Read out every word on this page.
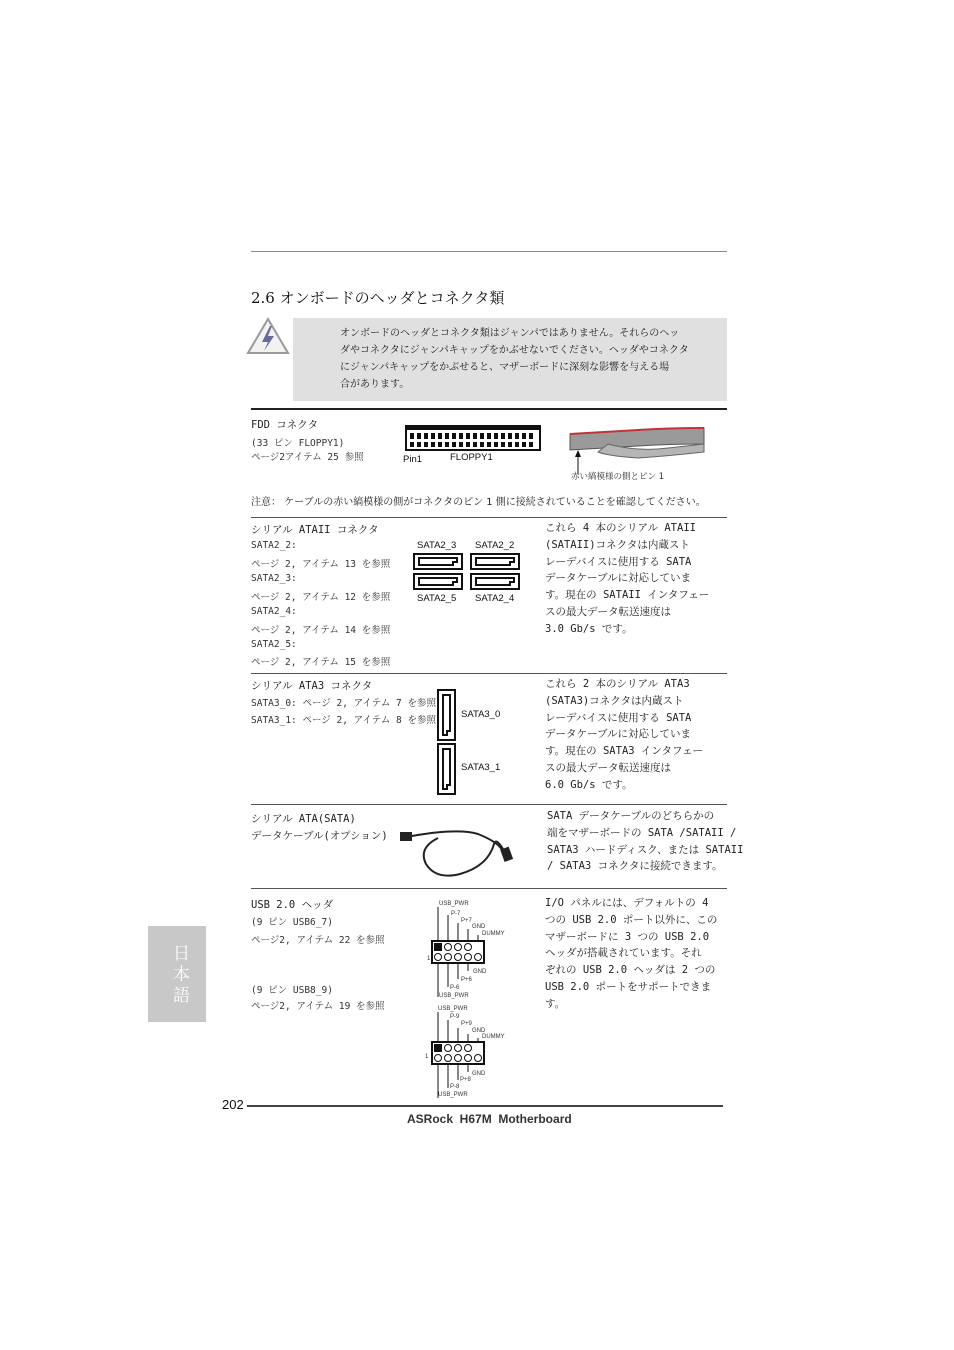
2.6 オンボードのヘッダとコネクタ類
オンボードのヘッダとコネクタ類はジャンパではありません。それらのヘッ
ダやコネクタにジャンパキャップをかぶせないでください。ヘッダやコネクタ
にジャンパキャップをかぶせると、マザーボードに深刻な影響を与える場
合があります。
FDD コネクタ
(33 ピン FLOPPY1)
ページ2アイテム 25 参照	Pin1	FLOPPY1
赤い縞模様の側とピン 1
注意： ケーブルの赤い縞模様の側がコネクタのピン 1 側に接続されていることを確認してください。
シリアル ATAII コネクタ
SATA2_2:
ページ 2, アイテム 13 を参照
SATA2_3:
ページ 2, アイテム 12 を参照
SATA2_4:
ページ 2, アイテム 14 を参照
SATA2_5:
ページ 2, アイテム 15 を参照
SATA2_3 SATA2_2
SATA2_5 SATA2_4
これら 4 本のシリアル ATAII
(SATAII)コネクタは内蔵スト
レーデバイスに使用する SATA
データケーブルに対応していま
す。現在の SATAII インタフェー
スの最大データ転送速度は
3.0 Gb/s です。
シリアル ATA3 コネクタ
SATA3_0: ページ 2, アイテム 7 を参照
SATA3_1: ページ 2, アイテム 8 を参照
SATA3_0
SATA3_1
これら 2 本のシリアル ATA3
(SATA3)コネクタは内蔵スト
レーデバイスに使用する SATA
データケーブルに対応していま
す。現在の SATA3 インタフェー
スの最大データ転送速度は
6.0 Gb/s です。
シリアル ATA(SATA)
データケーブル(オプション)
SATA データケーブルのどちらかの
端をマザーボードの SATA /SATAII /
SATA3 ハードディスク、または SATAII
/ SATA3 コネクタに接続できます。
USB 2.0 ヘッダ
(9 ピン USB6_7)
ページ2, アイテム 22 を参照
(9 ピン USB8_9)
ページ2, アイテム 19 を参照
USB_PWR
P-7
P+7
GND
DUMMY
1
GND
P+6
P-6
USB_PWR
USB_PWR
P-9
P+9
GND
DUMMY
1
GND
P+8
P-8
USB_PWR
I/O パネルには、デフォルトの 4
つの USB 2.0 ポート以外に、この
マザーボードに 3 つの USB 2.0
ヘッダが搭載されています。それ
ぞれの USB 2.0 ヘッダは 2 つの
USB 2.0 ポートをサポートできま
す。
日本語
202
ASRock  H67M  Motherboard
